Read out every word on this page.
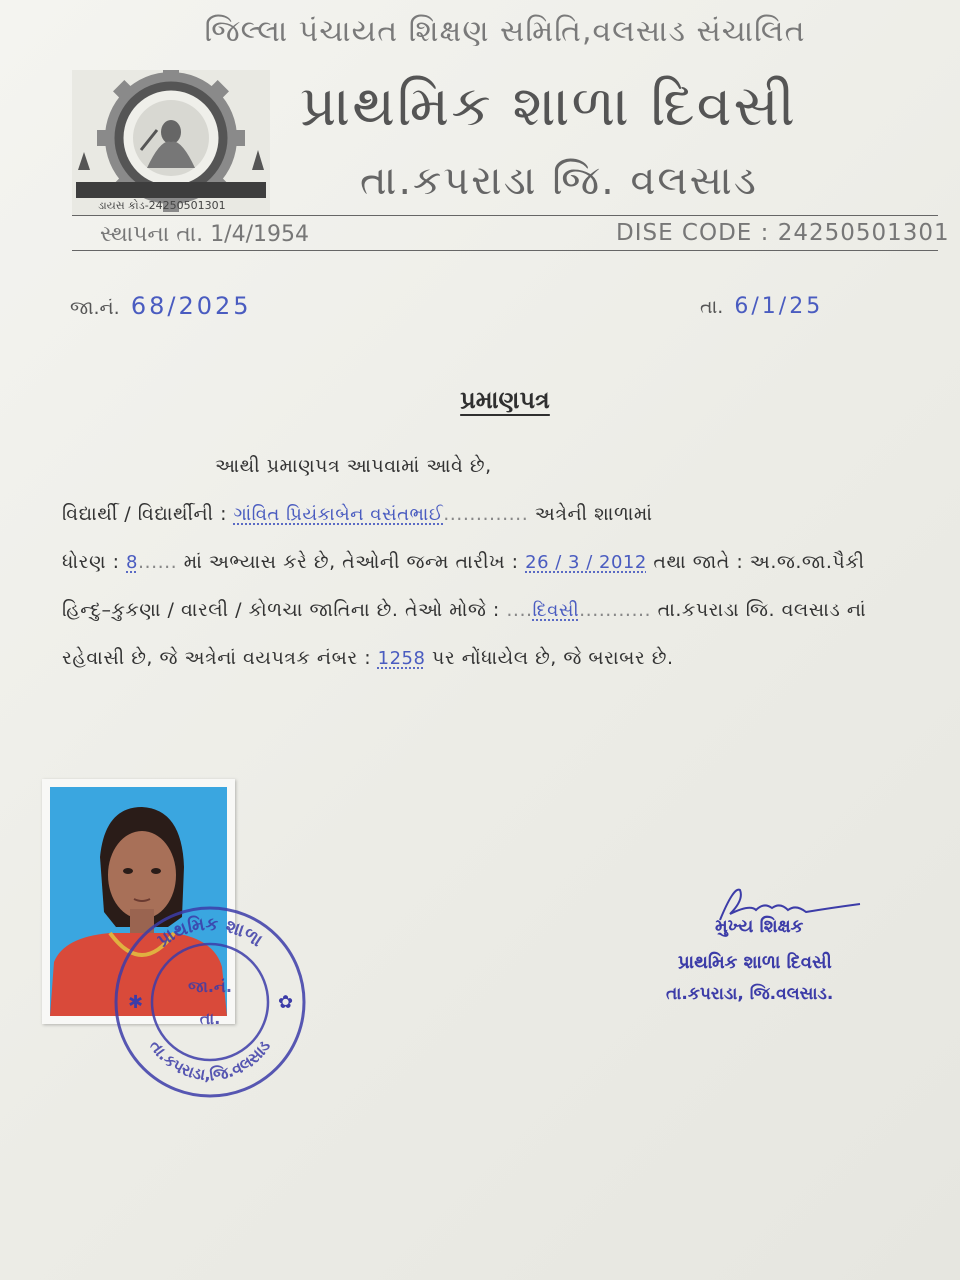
જિલ્લા પંચાયત શિક્ષણ સમિતિ,વલસાડ સંચાલિત
ડાયસ કોડ-24250501301
પ્રાથમિક શાળા દિવસી
તા.કપરાડા જિ. વલસાડ
સ્થાપના તા. 1/4/1954	DISE CODE : 24250501301
જા.નં. 68/2025	તા. 6/1/25
પ્રમાણપત્ર
આથી પ્રમાણપત્ર આપવામાં આવે છે,
વિદ્યાર્થી / વિદ્યાર્થીની : ગાંવિત પ્રિયંકાબેન વસંતભાઈ............. અત્રેની શાળામાં
ધોરણ : 8...... માં અભ્યાસ કરે છે, તેઓની જન્મ તારીખ : 26 / 3 / 2012 તથા જાતે : અ.જ.જા.પૈકી
હિન્દુ–કુકણા / વારલી / કોળચા જાતિના છે. તેઓ મોજે : ....દિવસી........... તા.કપરાડા જિ. વલસાડ નાં
રહેવાસી છે, જે અત્રેનાં વયપત્રક નંબર : 1258 પર નોંધાયેલ છે, જે બરાબર છે.
પ્રાથમિક શાળા
તા.કપરાડા,જિ.વલસાડ
જા.નં.
તા.
✱	✿
મુખ્ય શિક્ષક
પ્રાથમિક શાળા દિવસી
તા.કપરાડા, જિ.વલસાડ.
